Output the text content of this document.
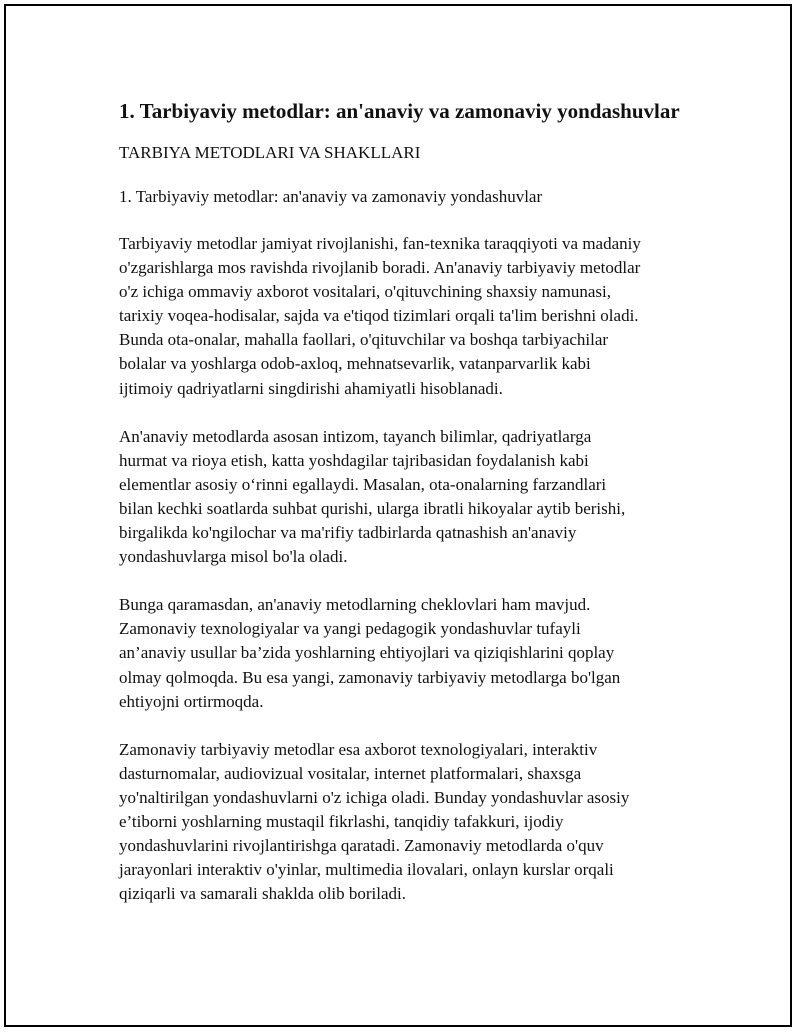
1. Tarbiyaviy metodlar: an'anaviy va zamonaviy yondashuvlar
TARBIYA METODLARI VA SHAKLLARI
1. Tarbiyaviy metodlar: an'anaviy va zamonaviy yondashuvlar

Tarbiyaviy metodlar jamiyat rivojlanishi, fan-texnika taraqqiyoti va madaniy
o'zgarishlarga mos ravishda rivojlanib boradi. An'anaviy tarbiyaviy metodlar
o'z ichiga ommaviy axborot vositalari, o'qituvchining shaxsiy namunasi,
tarixiy voqea-hodisalar, sajda va e'tiqod tizimlari orqali ta'lim berishni oladi.
Bunda ota-onalar, mahalla faollari, o'qituvchilar va boshqa tarbiyachilar
bolalar va yoshlarga odob-axloq, mehnatsevarlik, vatanparvarlik kabi
ijtimoiy qadriyatlarni singdirishi ahamiyatli hisoblanadi.

An'anaviy metodlarda asosan intizom, tayanch bilimlar, qadriyatlarga
hurmat va rioya etish, katta yoshdagilar tajribasidan foydalanish kabi
elementlar asosiy o‘rinni egallaydi. Masalan, ota-onalarning farzandlari
bilan kechki soatlarda suhbat qurishi, ularga ibratli hikoyalar aytib berishi,
birgalikda ko'ngilochar va ma'rifiy tadbirlarda qatnashish an'anaviy
yondashuvlarga misol bo'la oladi.

Bunga qaramasdan, an'anaviy metodlarning cheklovlari ham mavjud.
Zamonaviy texnologiyalar va yangi pedagogik yondashuvlar tufayli
an’anaviy usullar ba’zida yoshlarning ehtiyojlari va qiziqishlarini qoplay
olmay qolmoqda. Bu esa yangi, zamonaviy tarbiyaviy metodlarga bo'lgan
ehtiyojni ortirmoqda.

Zamonaviy tarbiyaviy metodlar esa axborot texnologiyalari, interaktiv
dasturnomalar, audiovizual vositalar, internet platformalari, shaxsga
yo'naltirilgan yondashuvlarni o'z ichiga oladi. Bunday yondashuvlar asosiy
e’tiborni yoshlarning mustaqil fikrlashi, tanqidiy tafakkuri, ijodiy
yondashuvlarini rivojlantirishga qaratadi. Zamonaviy metodlarda o'quv
jarayonlari interaktiv o'yinlar, multimedia ilovalari, onlayn kurslar orqali
qiziqarli va samarali shaklda olib boriladi.
